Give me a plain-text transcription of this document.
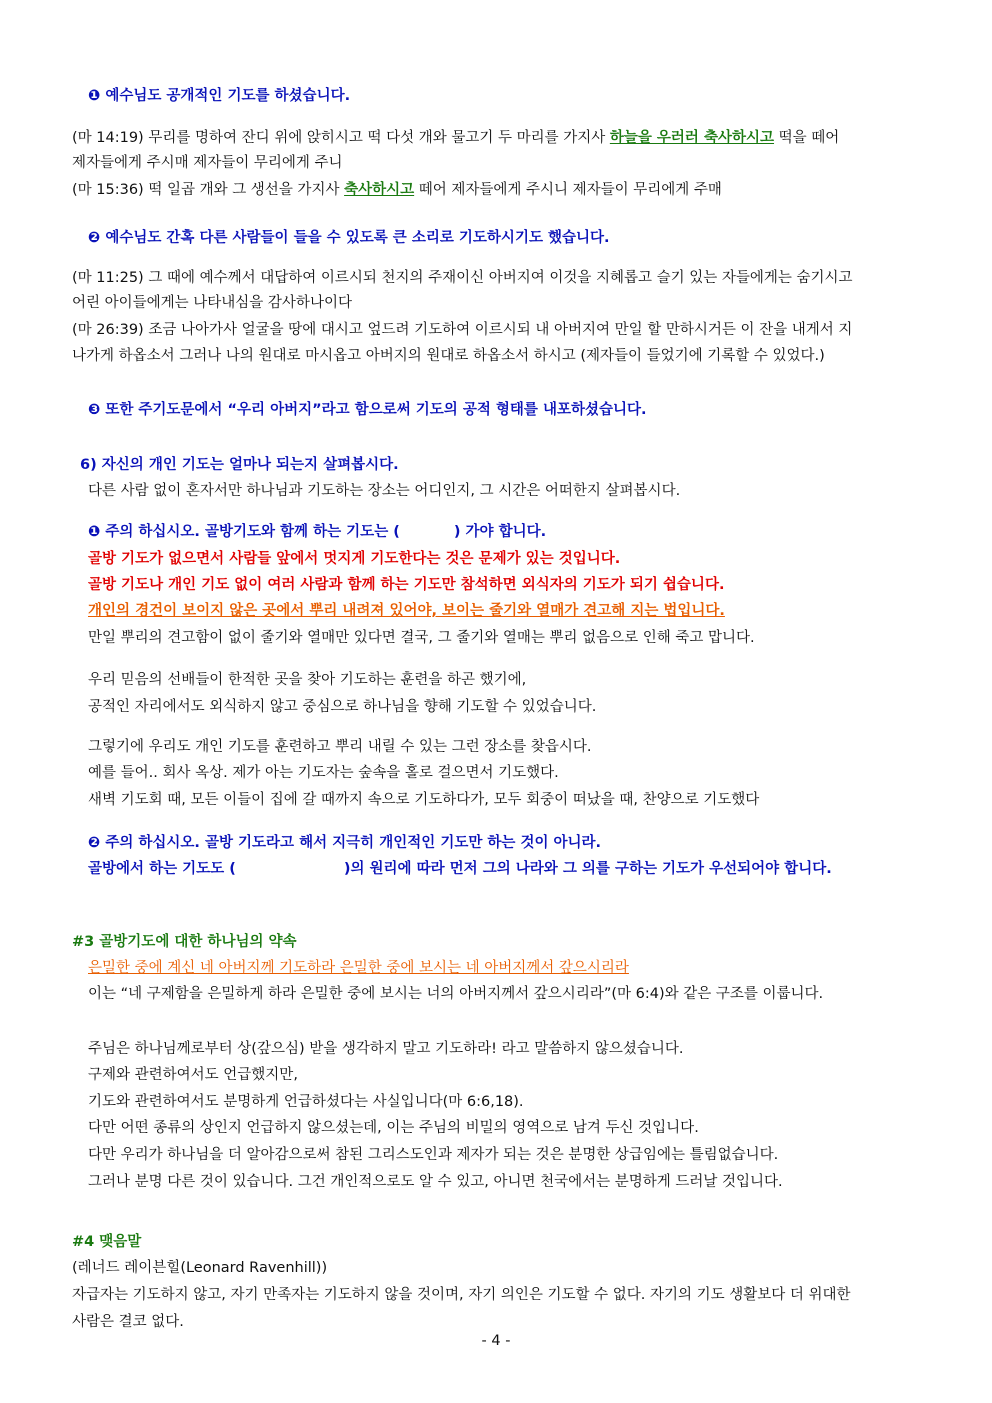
❶ 예수님도 공개적인 기도를 하셨습니다.
(마 14:19) 무리를 명하여 잔디 위에 앉히시고 떡 다섯 개와 물고기 두 마리를 가지사 하늘을 우러러 축사하시고 떡을 떼어
제자들에게 주시매 제자들이 무리에게 주니
(마 15:36) 떡 일곱 개와 그 생선을 가지사 축사하시고 떼어 제자들에게 주시니 제자들이 무리에게 주매
❷ 예수님도 간혹 다른 사람들이 들을 수 있도록 큰 소리로 기도하시기도 했습니다.
(마 11:25) 그 때에 예수께서 대답하여 이르시되 천지의 주재이신 아버지여 이것을 지혜롭고 슬기 있는 자들에게는 숨기시고
어린 아이들에게는 나타내심을 감사하나이다
(마 26:39) 조금 나아가사 얼굴을 땅에 대시고 엎드려 기도하여 이르시되 내 아버지여 만일 할 만하시거든 이 잔을 내게서 지
나가게 하옵소서 그러나 나의 원대로 마시옵고 아버지의 원대로 하옵소서 하시고 (제자들이 들었기에 기록할 수 있었다.)
❸ 또한 주기도문에서 “우리 아버지”라고 함으로써 기도의 공적 형태를 내포하셨습니다.
6) 자신의 개인 기도는 얼마나 되는지 살펴봅시다.
다른 사람 없이 혼자서만 하나님과 기도하는 장소는 어디인지, 그 시간은 어떠한지 살펴봅시다.
❶ 주의 하십시오. 골방기도와 함께 하는 기도는 (	) 가야 합니다.
골방 기도가 없으면서 사람들 앞에서 멋지게 기도한다는 것은 문제가 있는 것입니다.
골방 기도나 개인 기도 없이 여러 사람과 함께 하는 기도만 참석하면 외식자의 기도가 되기 쉽습니다.
개인의 경건이 보이지 않은 곳에서 뿌리 내려져 있어야, 보이는 줄기와 열매가 견고해 지는 법입니다.
만일 뿌리의 견고함이 없이 줄기와 열매만 있다면 결국, 그 줄기와 열매는 뿌리 없음으로 인해 죽고 맙니다.
우리 믿음의 선배들이 한적한 곳을 찾아 기도하는 훈련을 하곤 했기에,
공적인 자리에서도 외식하지 않고 중심으로 하나님을 향해 기도할 수 있었습니다.
그렇기에 우리도 개인 기도를 훈련하고 뿌리 내릴 수 있는 그런 장소를 찾읍시다.
예를 들어.. 회사 옥상. 제가 아는 기도자는 숲속을 홀로 걸으면서 기도했다.
새벽 기도회 때, 모든 이들이 집에 갈 때까지 속으로 기도하다가, 모두 회중이 떠났을 때, 찬양으로 기도했다
❷ 주의 하십시오. 골방 기도라고 해서 지극히 개인적인 기도만 하는 것이 아니라.
골방에서 하는 기도도 (	)의 원리에 따라 먼저 그의 나라와 그 의를 구하는 기도가 우선되어야 합니다.
#3 골방기도에 대한 하나님의 약속
은밀한 중에 계신 네 아버지께 기도하라 은밀한 중에 보시는 네 아버지께서 갚으시리라
이는 “네 구제함을 은밀하게 하라 은밀한 중에 보시는 너의 아버지께서 갚으시리라”(마 6:4)와 같은 구조를 이룹니다.
주님은 하나님께로부터 상(갚으심) 받을 생각하지 말고 기도하라! 라고 말씀하지 않으셨습니다.
구제와 관련하여서도 언급했지만,
기도와 관련하여서도 분명하게 언급하셨다는 사실입니다(마 6:6,18).
다만 어떤 종류의 상인지 언급하지 않으셨는데, 이는 주님의 비밀의 영역으로 남겨 두신 것입니다.
다만 우리가 하나님을 더 알아감으로써 참된 그리스도인과 제자가 되는 것은 분명한 상급임에는 틀림없습니다.
그러나 분명 다른 것이 있습니다. 그건 개인적으로도 알 수 있고, 아니면 천국에서는 분명하게 드러날 것입니다.
#4 맺음말
(레너드 레이븐힐(Leonard Ravenhill))
자급자는 기도하지 않고, 자기 만족자는 기도하지 않을 것이며, 자기 의인은 기도할 수 없다. 자기의 기도 생활보다 더 위대한
사람은 결코 없다.
- 4 -
